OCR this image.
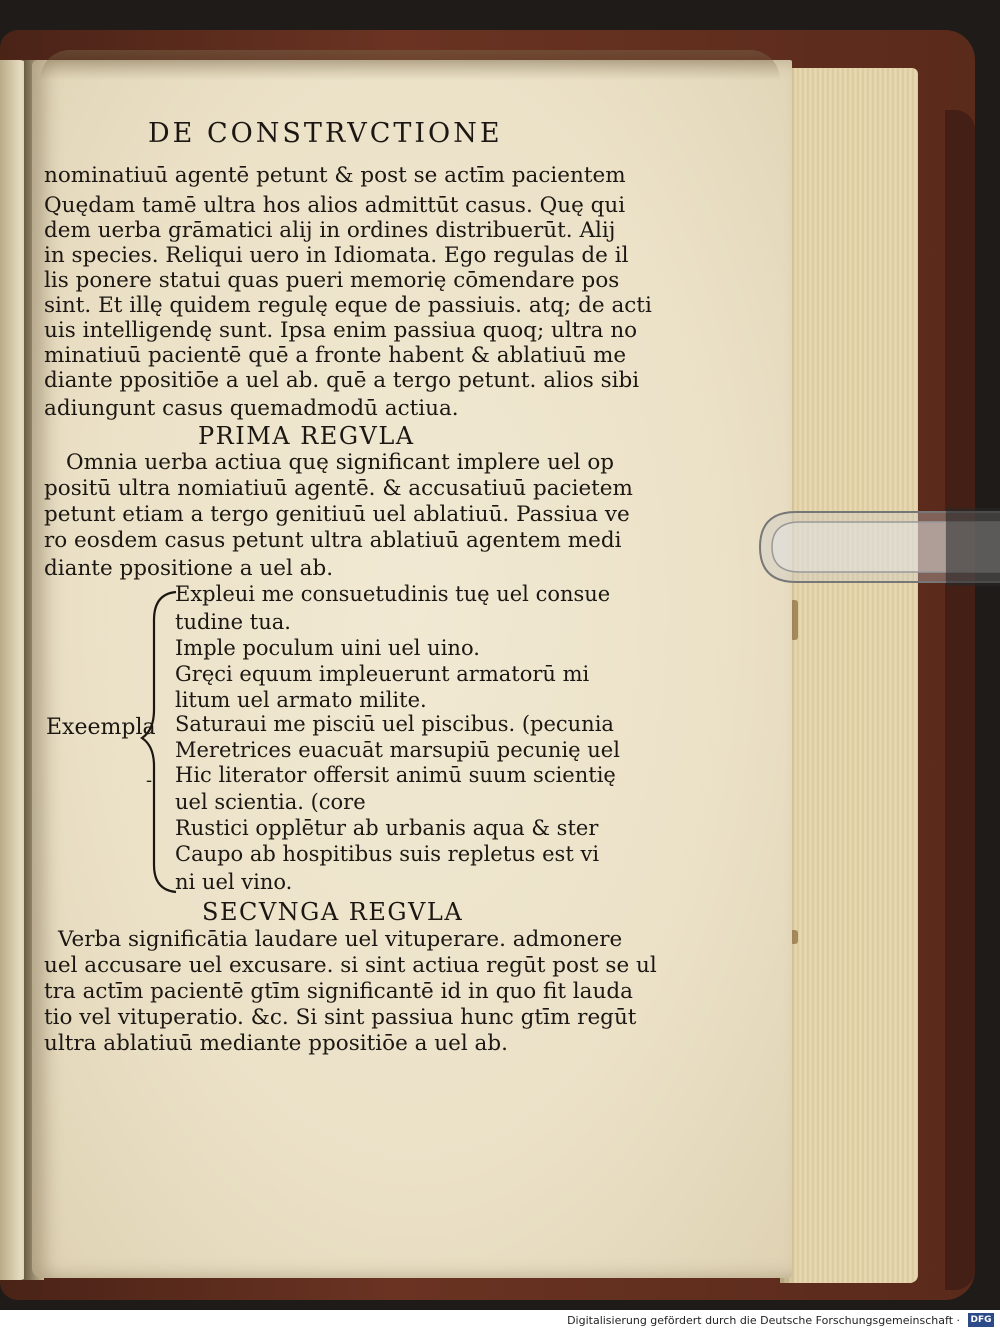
DE CONSTRVCTIONE
nominatiuū agentē petunt & post se actīm pacientem
Quędam tamē ultra hos alios admittūt casus. Quę qui
dem uerba grāmatici alij in ordines distribuerūt. Alij
in species. Reliqui uero in Idiomata. Ego regulas de il
lis ponere statui quas pueri memorię cōmendare pos
sint. Et illę quidem regulę eque de passiuis. atq; de acti
uis intelligendę sunt. Ipsa enim passiua quoq; ultra no
minatiuū pacientē quē a fronte habent & ablatiuū me
diante ppositiōe a uel ab. quē a tergo petunt. alios sibi
adiungunt casus quemadmodū actiua.
PRIMA REGVLA
Omnia uerba actiua quę significant implere uel op
positū ultra nomiatiuū agentē. & accusatiuū pacietem
petunt etiam a tergo genitiuū uel ablatiuū. Passiua ve
ro eosdem casus petunt ultra ablatiuū agentem medi
diante ppositione a uel ab.
Exeempla
-
Expleui me consuetudinis tuę uel consue
tudine tua.
Imple poculum uini uel uino.
Gręci equum impleuerunt armatorū mi
litum uel armato milite.
Saturaui me pisciū uel piscibus. (pecunia
Meretrices euacuāt marsupiū pecunię uel
Hic literator offersit animū suum scientię
uel scientia. (core
Rustici opplētur ab urbanis aqua & ster
Caupo ab hospitibus suis repletus est vi
ni uel vino.
SECVNGA REGVLA
Verba significātia laudare uel vituperare. admonere
uel accusare uel excusare. si sint actiua regūt post se ul
tra actīm pacientē gtīm significantē id in quo fit lauda
tio vel vituperatio. &c. Si sint passiua hunc gtīm regūt
ultra ablatiuū mediante ppositiōe a uel ab.
Digitalisierung gefördert durch die Deutsche Forschungsgemeinschaft · DFG
